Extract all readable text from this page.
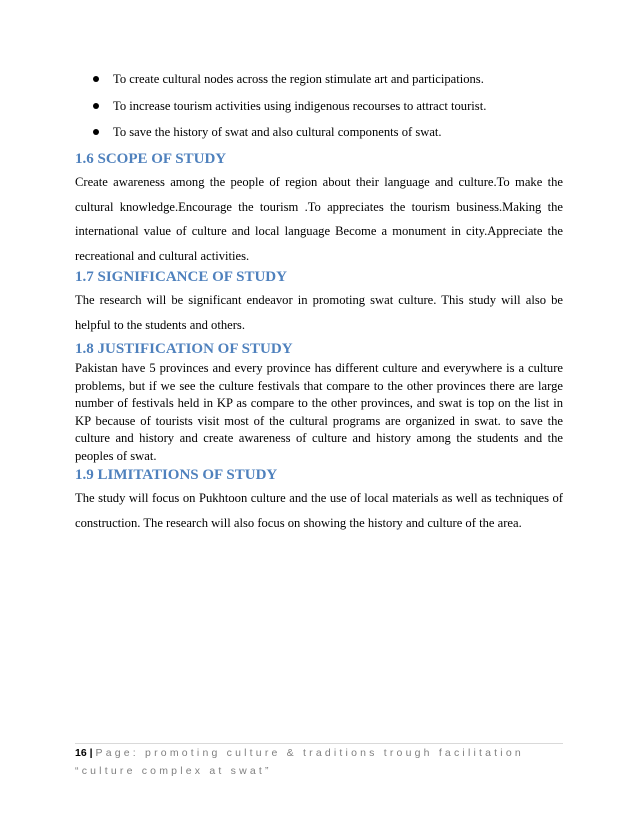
To create cultural nodes across the region stimulate art and participations.
To increase tourism activities using indigenous recourses to attract tourist.
To save the history of swat and also cultural components of swat.
1.6 SCOPE OF STUDY

Create awareness among the people of region about their language and culture.To make the cultural knowledge.Encourage the tourism .To appreciates the tourism business.Making the international value of culture and local language Become a monument in city.Appreciate the recreational and cultural activities.

1.7 SIGNIFICANCE OF STUDY

The research will be significant endeavor in promoting swat culture. This study will also be helpful to the students and others.

1.8 JUSTIFICATION OF STUDY

Pakistan have 5 provinces and every province has different culture and everywhere is a culture problems, but if we see the culture festivals that compare to the other provinces there are large number of festivals held in KP as compare to the other provinces, and swat is top on the list in KP because of tourists visit most of the cultural programs are organized in swat. to save the culture and history and create awareness of culture and history among the students and the peoples of swat.

1.9 LIMITATIONS OF STUDY

The study will focus on Pukhtoon culture and the use of local materials as well as techniques of construction. The research will also focus on showing the history and culture of the area.

16 | Page: promoting culture & traditions trough facilitation
“culture complex at swat”
